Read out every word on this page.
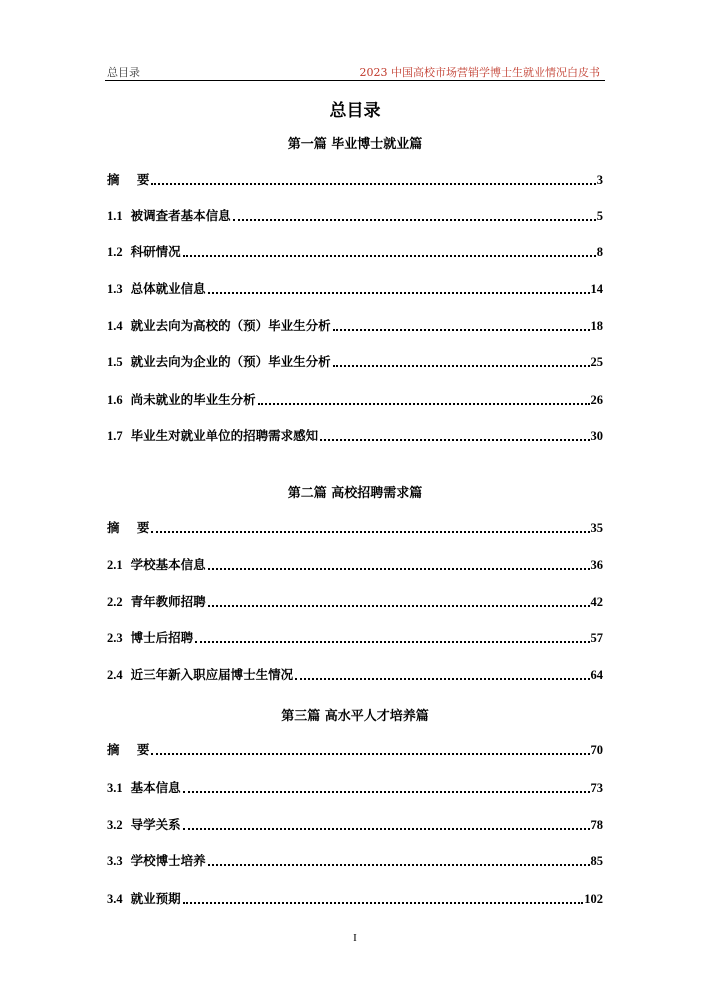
总目录	2023 中国高校市场营销学博士生就业情况白皮书
总目录
第一篇 毕业博士就业篇
摘    要	3
1.1 被调查者基本信息	5
1.2 科研情况	8
1.3 总体就业信息	14
1.4 就业去向为高校的（预）毕业生分析	18
1.5 就业去向为企业的（预）毕业生分析	25
1.6 尚未就业的毕业生分析	26
1.7 毕业生对就业单位的招聘需求感知	30
第二篇 高校招聘需求篇
摘    要	35
2.1 学校基本信息	36
2.2 青年教师招聘	42
2.3 博士后招聘	57
2.4 近三年新入职应届博士生情况	64
第三篇 高水平人才培养篇
摘    要	70
3.1 基本信息	73
3.2 导学关系	78
3.3 学校博士培养	85
3.4 就业预期	102
I
